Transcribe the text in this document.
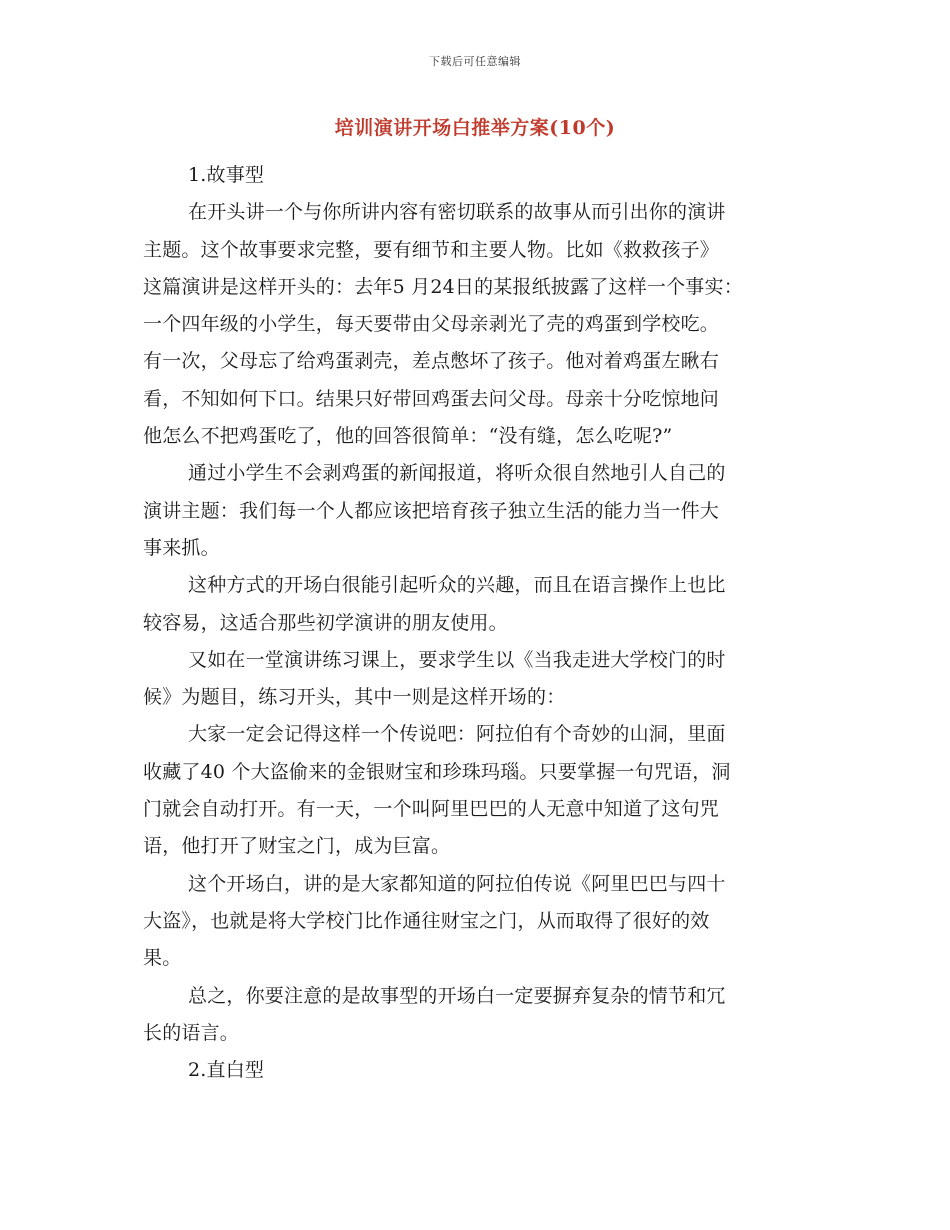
下载后可任意编辑
培训演讲开场白推举方案(10个)
1.故事型
在开头讲一个与你所讲内容有密切联系的故事从而引出你的演讲
主题。这个故事要求完整，要有细节和主要人物。比如《救救孩子》
这篇演讲是这样开头的：去年5 月24日的某报纸披露了这样一个事实：
一个四年级的小学生，每天要带由父母亲剥光了壳的鸡蛋到学校吃。
有一次，父母忘了给鸡蛋剥壳，差点憋坏了孩子。他对着鸡蛋左瞅右
看，不知如何下口。结果只好带回鸡蛋去问父母。母亲十分吃惊地问
他怎么不把鸡蛋吃了，他的回答很简单：“没有缝，怎么吃呢?”
通过小学生不会剥鸡蛋的新闻报道，将听众很自然地引人自己的
演讲主题：我们每一个人都应该把培育孩子独立生活的能力当一件大
事来抓。
这种方式的开场白很能引起听众的兴趣，而且在语言操作上也比
较容易，这适合那些初学演讲的朋友使用。
又如在一堂演讲练习课上，要求学生以《当我走进大学校门的时
候》为题目，练习开头，其中一则是这样开场的：
大家一定会记得这样一个传说吧：阿拉伯有个奇妙的山洞，里面
收藏了40 个大盗偷来的金银财宝和珍珠玛瑙。只要掌握一句咒语，洞
门就会自动打开。有一天，一个叫阿里巴巴的人无意中知道了这句咒
语，他打开了财宝之门，成为巨富。
这个开场白，讲的是大家都知道的阿拉伯传说《阿里巴巴与四十
大盗》，也就是将大学校门比作通往财宝之门，从而取得了很好的效
果。
总之，你要注意的是故事型的开场白一定要摒弃复杂的情节和冗
长的语言。
2.直白型
